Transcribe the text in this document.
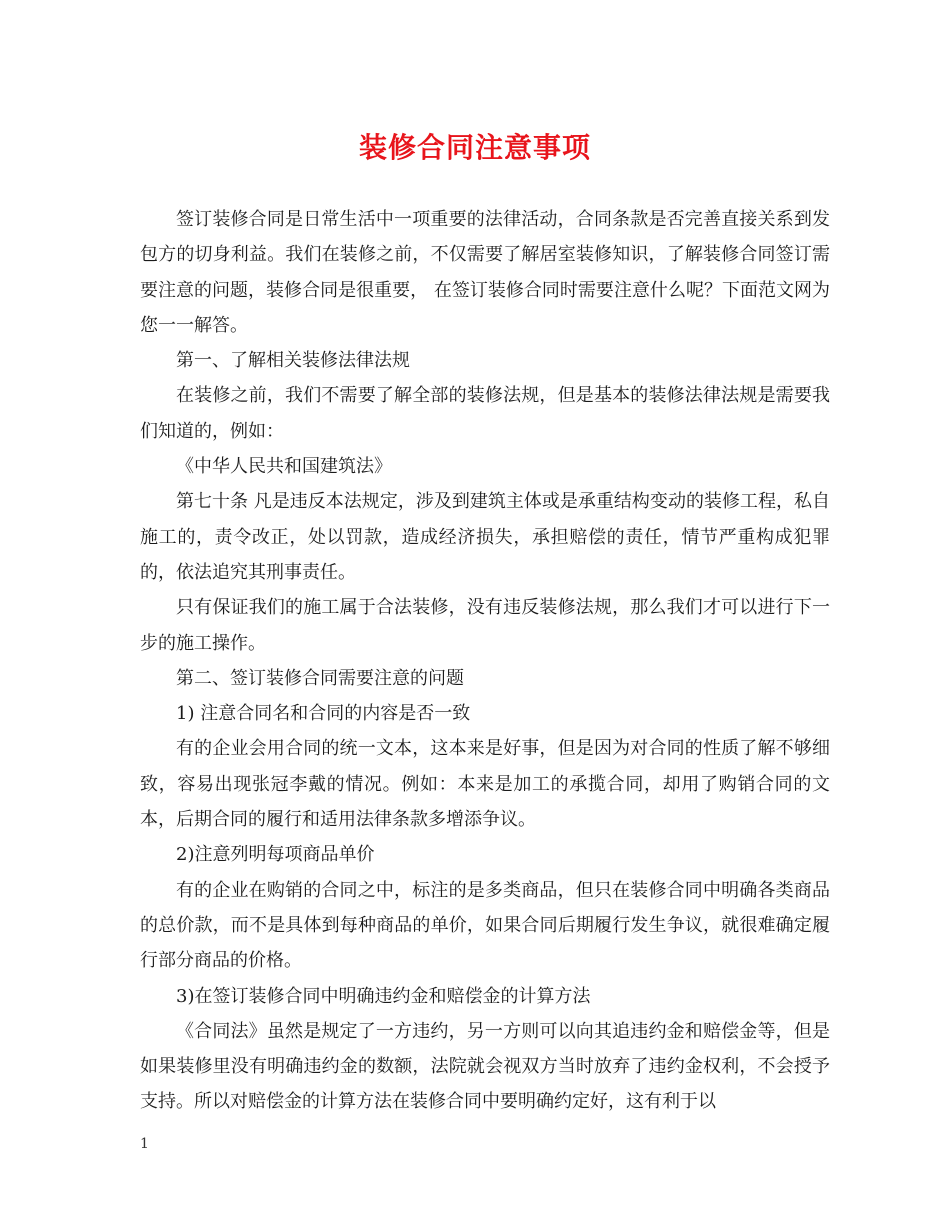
装修合同注意事项

签订装修合同是日常生活中一项重要的法律活动，合同条款是否完善直接关系到发包方的切身利益。我们在装修之前，不仅需要了解居室装修知识，了解装修合同签订需要注意的问题，装修合同是很重要， 在签订装修合同时需要注意什么呢？下面范文网为您一一解答。

第一、了解相关装修法律法规

在装修之前，我们不需要了解全部的装修法规，但是基本的装修法律法规是需要我们知道的，例如：

《中华人民共和国建筑法》

第七十条 凡是违反本法规定，涉及到建筑主体或是承重结构变动的装修工程，私自施工的，责令改正，处以罚款，造成经济损失，承担赔偿的责任，情节严重构成犯罪的，依法追究其刑事责任。

只有保证我们的施工属于合法装修，没有违反装修法规，那么我们才可以进行下一步的施工操作。

第二、签订装修合同需要注意的问题

1) 注意合同名和合同的内容是否一致

有的企业会用合同的统一文本，这本来是好事，但是因为对合同的性质了解不够细致，容易出现张冠李戴的情况。例如：本来是加工的承揽合同，却用了购销合同的文本，后期合同的履行和适用法律条款多增添争议。

2)注意列明每项商品单价

有的企业在购销的合同之中，标注的是多类商品，但只在装修合同中明确各类商品的总价款，而不是具体到每种商品的单价，如果合同后期履行发生争议，就很难确定履行部分商品的价格。

3)在签订装修合同中明确违约金和赔偿金的计算方法

《合同法》虽然是规定了一方违约，另一方则可以向其追违约金和赔偿金等，但是如果装修里没有明确违约金的数额，法院就会视双方当时放弃了违约金权利，不会授予支持。所以对赔偿金的计算方法在装修合同中要明确约定好，这有利于以

1
